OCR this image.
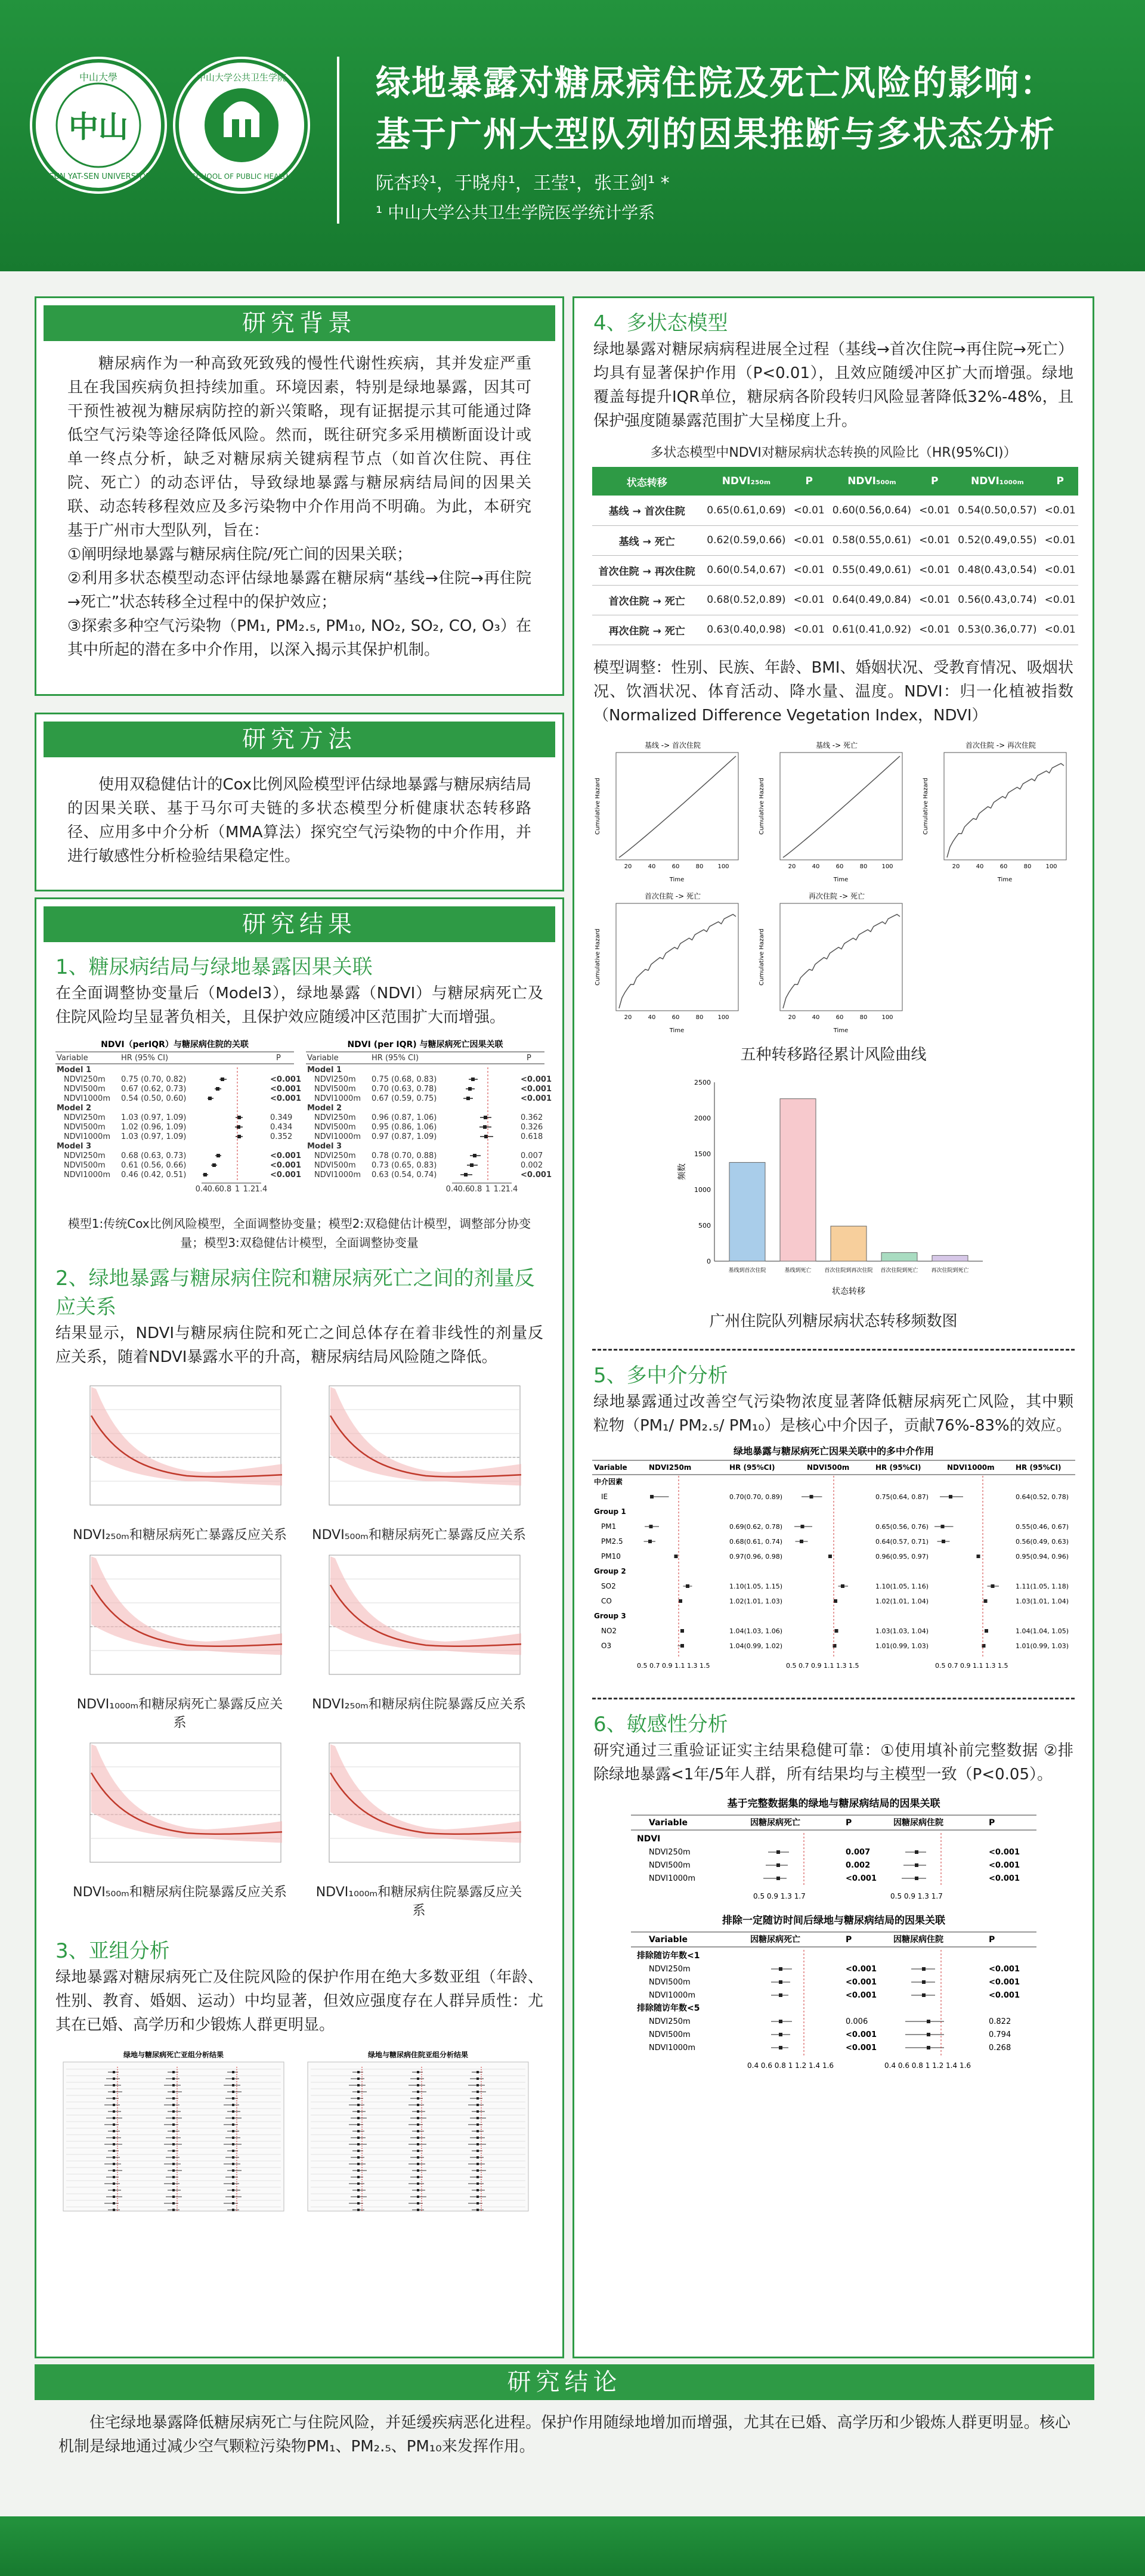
中山
中山大學
SUN YAT-SEN UNIVERSITY
中山大学公共卫生学院
SCHOOL OF PUBLIC HEALTH
绿地暴露对糖尿病住院及死亡风险的影响：
基于广州大型队列的因果推断与多状态分析
阮杏玲¹，于晓舟¹，王莹¹，张王剑¹ *
¹ 中山大学公共卫生学院医学统计学系
研究背景
糖尿病作为一种高致死致残的慢性代谢性疾病，其并发症严重且在我国疾病负担持续加重。环境因素，特别是绿地暴露，因其可干预性被视为糖尿病防控的新兴策略，现有证据提示其可能通过降低空气污染等途径降低风险。然而，既往研究多采用横断面设计或单一终点分析，缺乏对糖尿病关键病程节点（如首次住院、再住院、死亡）的动态评估，导致绿地暴露与糖尿病结局间的因果关联、动态转移程效应及多污染物中介作用尚不明确。为此，本研究基于广州市大型队列，旨在：
①阐明绿地暴露与糖尿病住院/死亡间的因果关联；
②利用多状态模型动态评估绿地暴露在糖尿病“基线→住院→再住院→死亡”状态转移全过程中的保护效应；
③探索多种空气污染物（PM₁, PM₂.₅, PM₁₀, NO₂, SO₂, CO, O₃）在其中所起的潜在多中介作用，以深入揭示其保护机制。
研究方法
使用双稳健估计的Cox比例风险模型评估绿地暴露与糖尿病结局的因果关联、基于马尔可夫链的多状态模型分析健康状态转移路径、应用多中介分析（MMA算法）探究空气污染物的中介作用，并进行敏感性分析检验结果稳定性。
研究结果
1、糖尿病结局与绿地暴露因果关联
在全面调整协变量后（Model3），绿地暴露（NDVI）与糖尿病死亡及住院风险均呈显著负相关，且保护效应随缓冲区范围扩大而增强。
NDVI（perIQR）与糖尿病住院的关联
Variable	HR (95% CI)	P
Model 1
NDVI250m 0.75 (0.70, 0.82)	<0.001
NDVI500m 0.67 (0.62, 0.73)	<0.001
NDVI1000m 0.54 (0.50, 0.60)	<0.001
Model 2
NDVI250m 1.03 (0.97, 1.09)	0.349
NDVI500m 1.02 (0.96, 1.09)	0.434
NDVI1000m 1.03 (0.97, 1.09)	0.352
Model 3
NDVI250m 0.68 (0.63, 0.73)	<0.001
NDVI500m 0.61 (0.56, 0.66)	<0.001
NDVI1000m 0.46 (0.42, 0.51)	<0.001
0.4 0.6 0.8 1 1.2 1.4
NDVI (per IQR) 与糖尿病死亡因果关联
Variable	HR (95% CI)	P
Model 1
NDVI250m 0.75 (0.68, 0.83)	<0.001
NDVI500m 0.70 (0.63, 0.78)	<0.001
NDVI1000m 0.67 (0.59, 0.75)	<0.001
Model 2
NDVI250m 0.96 (0.87, 1.06)	0.362
NDVI500m 0.95 (0.86, 1.06)	0.326
NDVI1000m 0.97 (0.87, 1.09)	0.618
Model 3
NDVI250m 0.78 (0.70, 0.88)	0.007
NDVI500m 0.73 (0.65, 0.83)	0.002
NDVI1000m 0.63 (0.54, 0.74)	<0.001
0.4 0.6 0.8 1 1.2 1.4
模型1:传统Cox比例风险模型，全面调整协变量；模型2:双稳健估计模型，调整部分协变量；模型3:双稳健估计模型，全面调整协变量
2、绿地暴露与糖尿病住院和糖尿病死亡之间的剂量反应关系
结果显示，NDVI与糖尿病住院和死亡之间总体存在着非线性的剂量反应关系，随着NDVI暴露水平的升高，糖尿病结局风险随之降低。
NDVI₂₅₀ₘ和糖尿病死亡暴露反应关系 NDVI₅₀₀ₘ和糖尿病死亡暴露反应关系
NDVI₁₀₀₀ₘ和糖尿病死亡暴露反应关系
NDVI₂₅₀ₘ和糖尿病住院暴露反应关系
NDVI₅₀₀ₘ和糖尿病住院暴露反应关系	NDVI₁₀₀₀ₘ和糖尿病住院暴露反应关系
3、亚组分析
绿地暴露对糖尿病死亡及住院风险的保护作用在绝大多数亚组（年龄、性别、教育、婚姻、运动）中均显著，但效应强度存在人群异质性：尤其在已婚、高学历和少锻炼人群更明显。
绿地与糖尿病死亡亚组分析结果	绿地与糖尿病住院亚组分析结果
4、多状态模型
绿地暴露对糖尿病病程进展全过程（基线→首次住院→再住院→死亡）均具有显著保护作用（P<0.01），且效应随缓冲区扩大而增强。绿地覆盖每提升IQR单位，糖尿病各阶段转归风险显著降低32%-48%，且保护强度随暴露范围扩大呈梯度上升。
多状态模型中NDVI对糖尿病状态转换的风险比（HR(95%CI)）
状态转移	NDVI₂₅₀ₘ	P	NDVI₅₀₀ₘ	P	NDVI₁₀₀₀ₘ	P
基线 → 首次住院	0.65(0.61,0.69)	<0.01	0.60(0.56,0.64)	<0.01	0.54(0.50,0.57)	<0.01
基线 → 死亡	0.62(0.59,0.66)	<0.01	0.58(0.55,0.61)	<0.01	0.52(0.49,0.55)	<0.01
首次住院 → 再次住院	0.60(0.54,0.67)	<0.01	0.55(0.49,0.61)	<0.01	0.48(0.43,0.54)	<0.01
首次住院 → 死亡	0.68(0.52,0.89)	<0.01	0.64(0.49,0.84)	<0.01	0.56(0.43,0.74)	<0.01
再次住院 → 死亡	0.63(0.40,0.98)	<0.01	0.61(0.41,0.92)	<0.01	0.53(0.36,0.77)	<0.01
模型调整：性别、民族、年龄、BMI、婚姻状况、受教育情况、吸烟状况、饮酒状况、体育活动、降水量、温度。NDVI：归一化植被指数（Normalized Difference Vegetation Index，NDVI）
基线 -> 首次住院
Cumulative Hazard
Time
20	40	60	80 100
基线 -> 死亡
Cumulative Hazard
Time
20	40	60	80 100
首次住院 -> 再次住院
Cumulative Hazard
Time
20	40	60	80 100
首次住院 -> 死亡
Cumulative Hazard
Time
20	40	60	80 100
再次住院 -> 死亡
Cumulative Hazard
Time
20	40	60	80 100
五种转移路径累计风险曲线
频数
状态转移
0
500
1000
1500
2000
2500
基线到首次住院	基线到死亡 首次住院到再次住院 首次住院到死亡 再次住院到死亡
广州住院队列糖尿病状态转移频数图
5、多中介分析
绿地暴露通过改善空气污染物浓度显著降低糖尿病死亡风险，其中颗粒物（PM₁/ PM₂.₅/ PM₁₀）是核心中介因子，贡献76%-83%的效应。
绿地暴露与糖尿病死亡因果关联中的多中介作用
Variable	NDVI250m	HR (95%CI)	NDVI500m	HR (95%CI)	NDVI1000m	HR (95%CI)
中介因素
IE	0.70(0.70, 0.89)	0.75(0.64, 0.87)	0.64(0.52, 0.78)
Group 1
PM1	0.69(0.62, 0.78)	0.65(0.56, 0.76)	0.55(0.46, 0.67)
PM2.5	0.68(0.61, 0.74)	0.64(0.57, 0.71)	0.56(0.49, 0.63)
PM10	0.97(0.96, 0.98)	0.96(0.95, 0.97)	0.95(0.94, 0.96)
Group 2
SO2	1.10(1.05, 1.15)	1.10(1.05, 1.16)	1.11(1.05, 1.18)
CO	1.02(1.01, 1.03)	1.02(1.01, 1.04)	1.03(1.01, 1.04)
Group 3
NO2	1.04(1.03, 1.06)	1.03(1.03, 1.04)	1.04(1.04, 1.05)
O3	1.04(0.99, 1.02)	1.01(0.99, 1.03)	1.01(0.99, 1.03)
0.5 0.7 0.9 1.1 1.3 1.5	0.5 0.7 0.9 1.1 1.3 1.5	0.5 0.7 0.9 1.1 1.3 1.5
6、敏感性分析
研究通过三重验证证实主结果稳健可靠：①使用填补前完整数据 ②排除绿地暴露<1年/5年人群，所有结果均与主模型一致（P<0.05）。
基于完整数据集的绿地与糖尿病结局的因果关联
Variable	因糖尿病死亡	P	因糖尿病住院	P
NDVI
NDVI250m	0.007	<0.001
NDVI500m	0.002	<0.001
NDVI1000m	<0.001	<0.001
0.5 0.9 1.3 1.7	0.5 0.9 1.3 1.7
排除一定随访时间后绿地与糖尿病结局的因果关联
Variable	因糖尿病死亡	P	因糖尿病住院	P
排除随访年数<1
NDVI250m	<0.001	<0.001
NDVI500m	<0.001	<0.001
NDVI1000m	<0.001	<0.001
排除随访年数<5
NDVI250m	0.006	0.822
NDVI500m	<0.001	0.794
NDVI1000m	<0.001	0.268
0.4 0.6 0.8 1 1.2 1.4 1.6	0.4 0.6 0.8 1 1.2 1.4 1.6
研究结论
住宅绿地暴露降低糖尿病死亡与住院风险，并延缓疾病恶化进程。保护作用随绿地增加而增强，尤其在已婚、高学历和少锻炼人群更明显。核心机制是绿地通过减少空气颗粒污染物PM₁、PM₂.₅、PM₁₀来发挥作用。
